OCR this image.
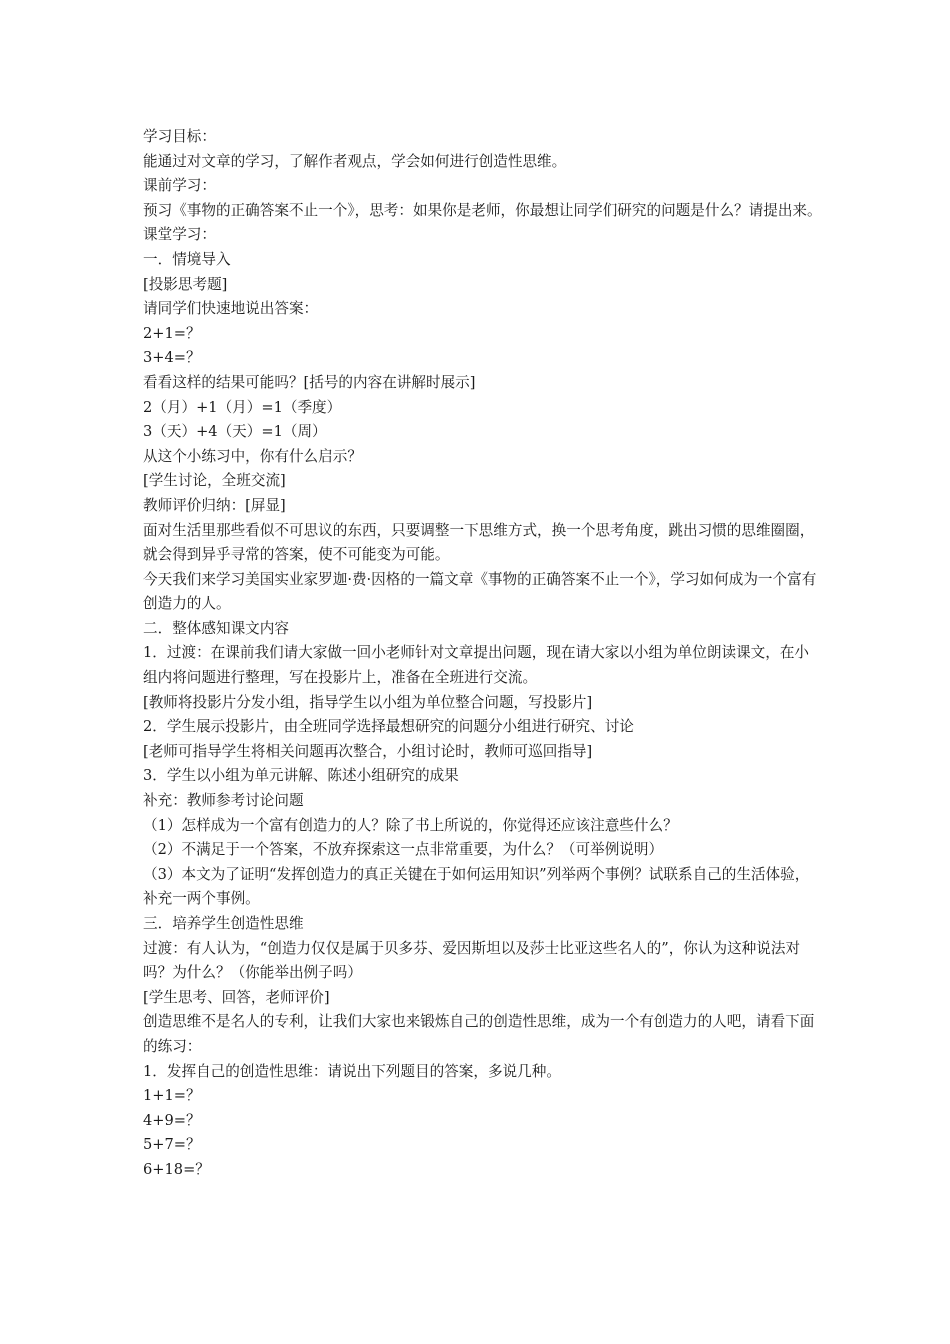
学习目标：

能通过对文章的学习，了解作者观点，学会如何进行创造性思维。

课前学习：

预习《事物的正确答案不止一个》，思考：如果你是老师，你最想让同学们研究的问题是什么？请提出来。

课堂学习：

一．情境导入

[投影思考题]

请同学们快速地说出答案：

2+1=？

3+4=？

看看这样的结果可能吗？[括号的内容在讲解时展示]

2（月）+1（月）=1（季度）

3（天）+4（天）=1（周）

从这个小练习中，你有什么启示？

[学生讨论，全班交流]

教师评价归纳：[屏显]

面对生活里那些看似不可思议的东西，只要调整一下思维方式，换一个思考角度，跳出习惯的思维圈圈，就会得到异乎寻常的答案，使不可能变为可能。

今天我们来学习美国实业家罗迦·费·因格的一篇文章《事物的正确答案不止一个》，学习如何成为一个富有创造力的人。

二．整体感知课文内容

1．过渡：在课前我们请大家做一回小老师针对文章提出问题，现在请大家以小组为单位朗读课文，在小组内将问题进行整理，写在投影片上，准备在全班进行交流。

[教师将投影片分发小组，指导学生以小组为单位整合问题，写投影片]

2．学生展示投影片，由全班同学选择最想研究的问题分小组进行研究、讨论

[老师可指导学生将相关问题再次整合，小组讨论时，教师可巡回指导]

3．学生以小组为单元讲解、陈述小组研究的成果

补充：教师参考讨论问题

（1）怎样成为一个富有创造力的人？除了书上所说的，你觉得还应该注意些什么？

（2）不满足于一个答案，不放弃探索这一点非常重要，为什么？（可举例说明）

（3）本文为了证明“发挥创造力的真正关键在于如何运用知识”列举两个事例？试联系自己的生活体验，补充一两个事例。

三．培养学生创造性思维

过渡：有人认为，“创造力仅仅是属于贝多芬、爱因斯坦以及莎士比亚这些名人的”，你认为这种说法对吗？为什么？（你能举出例子吗）

[学生思考、回答，老师评价]

创造思维不是名人的专利，让我们大家也来锻炼自己的创造性思维，成为一个有创造力的人吧，请看下面的练习：

1．发挥自己的创造性思维：请说出下列题目的答案，多说几种。

1+1=？

4+9=？

5+7=？

6+18=？
